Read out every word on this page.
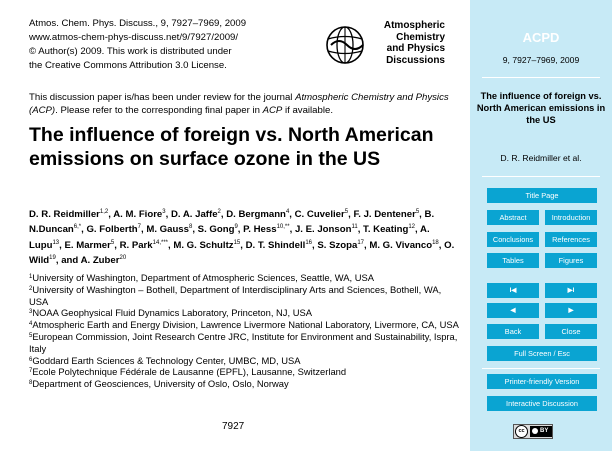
Atmos. Chem. Phys. Discuss., 9, 7927–7969, 2009
www.atmos-chem-phys-discuss.net/9/7927/2009/
© Author(s) 2009. This work is distributed under
the Creative Commons Attribution 3.0 License.
Atmospheric
Chemistry
and Physics
Discussions
This discussion paper is/has been under review for the journal Atmospheric Chemistry and Physics (ACP). Please refer to the corresponding final paper in ACP if available.
The influence of foreign vs. North American emissions on surface ozone in the US
D. R. Reidmiller$^{1,2}$, A. M. Fiore$^3$, D. A. Jaffe$^2$, D. Bergmann$^4$, C. Cuvelier$^5$, F. J. Dentener$^5$, B. N.Duncan$^{6,*}$, G. Folberth$^7$, M. Gauss$^8$, S. Gong$^9$, P. Hess$^{10,**}$, J. E. Jonson$^{11}$, T. Keating$^{12}$, A. Lupu$^{13}$, E. Marmer$^5$, R. Park$^{14,***}$, M. G. Schultz$^{15}$, D. T. Shindell$^{16}$, S. Szopa$^{17}$, M. G. Vivanco$^{18}$, O. Wild$^{19}$, and A. Zuber$^{20}$
$^1$University of Washington, Department of Atmospheric Sciences, Seattle, WA, USA
$^2$University of Washington – Bothell, Department of Interdisciplinary Arts and Sciences, Bothell, WA, USA
$^3$NOAA Geophysical Fluid Dynamics Laboratory, Princeton, NJ, USA
$^4$Atmospheric Earth and Energy Division, Lawrence Livermore National Laboratory, Livermore, CA, USA
$^5$European Commission, Joint Research Centre JRC, Institute for Environment and Sustainability, Ispra, Italy
$^6$Goddard Earth Sciences & Technology Center, UMBC, MD, USA
$^7$Ecole Polytechnique Fédérale de Lausanne (EPFL), Lausanne, Switzerland
$^8$Department of Geosciences, University of Oslo, Oslo, Norway
7927
ACPD
9, 7927–7969, 2009
The influence of foreign vs. North American emissions in the US
D. R. Reidmiller et al.
Title Page
Abstract	Introduction
Conclusions	References
Tables	Figures
I◀	▶I
◀	▶
Back	Close
Full Screen / Esc
Printer-friendly Version
Interactive Discussion
cc	BY
